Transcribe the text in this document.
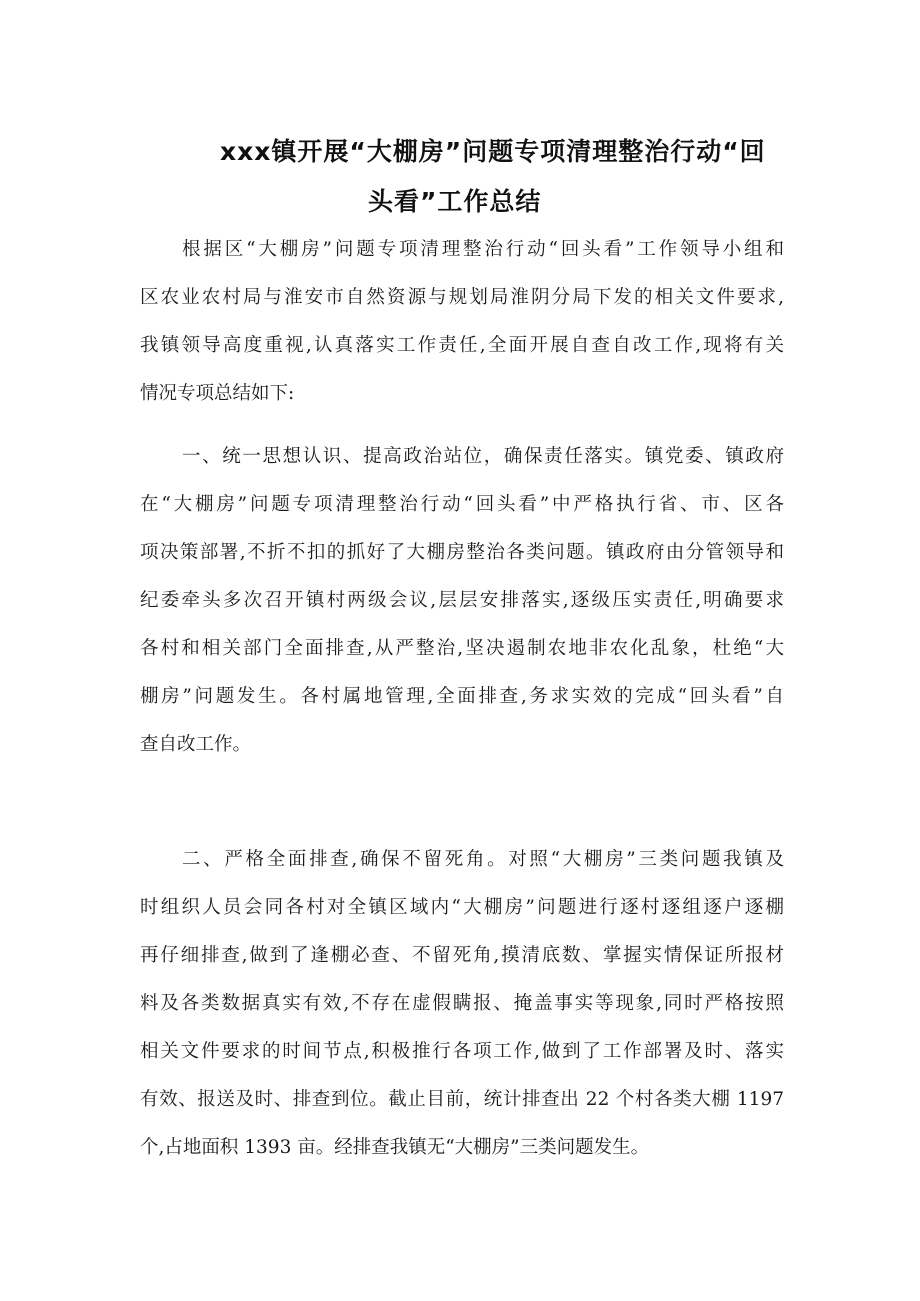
xxx镇开展“大棚房”问题专项清理整治行动“回
头看”工作总结
根据区“大棚房”问题专项清理整治行动“回头看”工作领导小组和
区农业农村局与淮安市自然资源与规划局淮阴分局下发的相关文件要求,
我镇领导高度重视,认真落实工作责任,全面开展自查自改工作,现将有关
情况专项总结如下:
一、统一思想认识、提高政治站位，确保责任落实。镇党委、镇政府
在“大棚房”问题专项清理整治行动“回头看”中严格执行省、市、区各
项决策部署,不折不扣的抓好了大棚房整治各类问题。镇政府由分管领导和
纪委牵头多次召开镇村两级会议,层层安排落实,逐级压实责任,明确要求
各村和相关部门全面排查,从严整治,坚决遏制农地非农化乱象，杜绝“大
棚房”问题发生。各村属地管理,全面排查,务求实效的完成“回头看”自
查自改工作。
二、严格全面排查,确保不留死角。对照“大棚房”三类问题我镇及
时组织人员会同各村对全镇区域内“大棚房”问题进行逐村逐组逐户逐棚
再仔细排查,做到了逢棚必查、不留死角,摸清底数、掌握实情保证所报材
料及各类数据真实有效,不存在虚假瞒报、掩盖事实等现象,同时严格按照
相关文件要求的时间节点,积极推行各项工作,做到了工作部署及时、落实
有效、报送及时、排查到位。截止目前，统计排查出 22 个村各类大棚 1197
个,占地面积 1393 亩。经排查我镇无“大棚房”三类问题发生。
